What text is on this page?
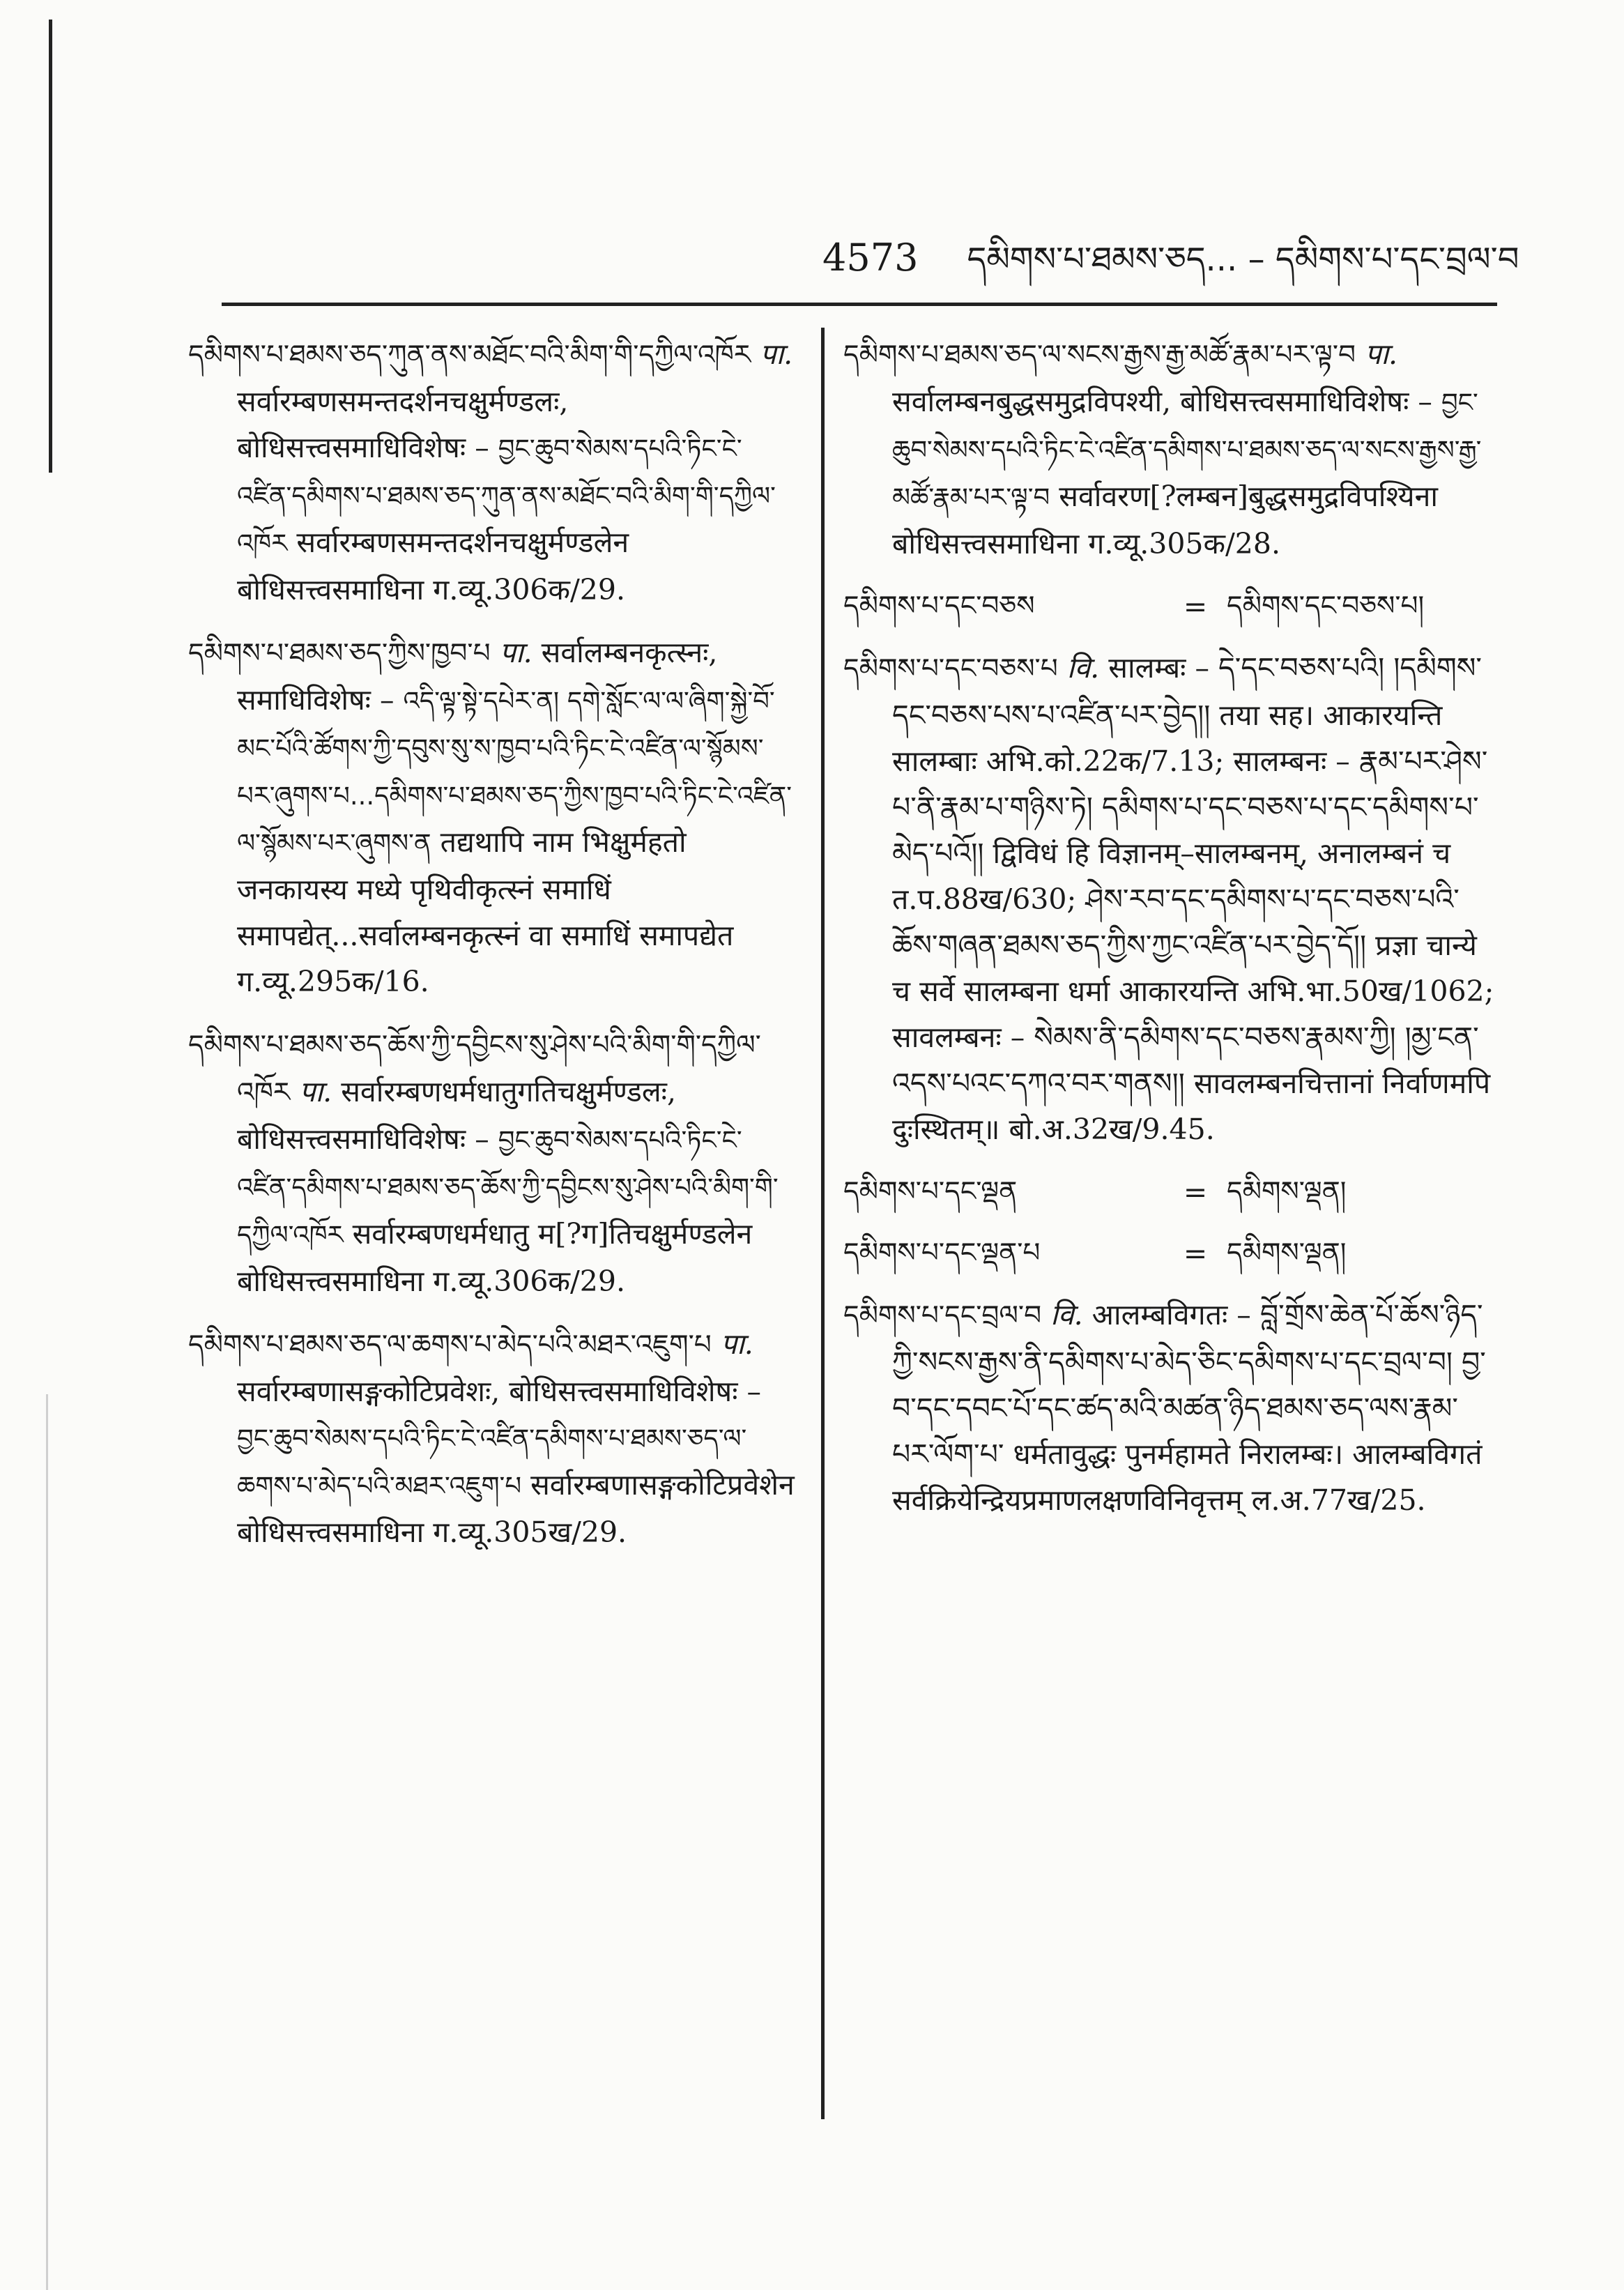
4573 དམིགས་པ་ཐམས་ཅད... – དམིགས་པ་དང་བྲལ་བ

དམིགས་པ་ཐམས་ཅད་ཀུན་ནས་མཐོང་བའི་མིག་གི་དཀྱིལ་འཁོར पा. सर्वारम्बणसमन्तदर्शनचक्षुर्मण्डलः, बोधिसत्त्वसमाधिविशेषः – བྱང་ཆུབ་སེམས་དཔའི་ཏིང་ངེ་འཛིན་དམིགས་པ་ཐམས་ཅད་ཀུན་ནས་མཐོང་བའི་མིག་གི་དཀྱིལ་འཁོར सर्वारम्बणसमन्तदर्शनचक्षुर्मण्डलेन बोधिसत्त्वसमाधिना ग.व्यू.306क/29.

དམིགས་པ་ཐམས་ཅད་ཀྱིས་ཁྱབ་པ पा. सर्वालम्बनकृत्स्नः, समाधिविशेषः – འདི་ལྟ་སྟེ་དཔེར་ན། དགེ་སློང་ལ་ལ་ཞིག་སྐྱེ་བོ་མང་པོའི་ཚོགས་ཀྱི་དབུས་སུ་ས་ཁྱབ་པའི་ཏིང་ངེ་འཛིན་ལ་སྙོམས་པར་ཞུགས་པ...དམིགས་པ་ཐམས་ཅད་ཀྱིས་ཁྱབ་པའི་ཏིང་ངེ་འཛིན་ལ་སྙོམས་པར་ཞུགས་ན तद्यथापि नाम भिक्षुर्महतो जनकायस्य मध्ये पृथिवीकृत्स्नं समाधिं समापद्येत्...सर्वालम्बनकृत्स्नं वा समाधिं समापद्येत ग.व्यू.295क/16.

དམིགས་པ་ཐམས་ཅད་ཆོས་ཀྱི་དབྱིངས་སུ་ཤེས་པའི་མིག་གི་དཀྱིལ་འཁོར पा. सर्वारम्बणधर्मधातुगतिचक्षुर्मण्डलः, बोधिसत्त्वसमाधिविशेषः – བྱང་ཆུབ་སེམས་དཔའི་ཏིང་ངེ་འཛིན་དམིགས་པ་ཐམས་ཅད་ཆོས་ཀྱི་དབྱིངས་སུ་ཤེས་པའི་མིག་གི་དཀྱིལ་འཁོར सर्वारम्बणधर्मधातु म[?ग]तिचक्षुर्मण्डलेन बोधिसत्त्वसमाधिना ग.व्यू.306क/29.

དམིགས་པ་ཐམས་ཅད་ལ་ཆགས་པ་མེད་པའི་མཐར་འཇུག་པ पा. सर्वारम्बणासङ्गकोटिप्रवेशः, बोधिसत्त्वसमाधिविशेषः – བྱང་ཆུབ་སེམས་དཔའི་ཏིང་ངེ་འཛིན་དམིགས་པ་ཐམས་ཅད་ལ་ཆགས་པ་མེད་པའི་མཐར་འཇུག་པ सर्वारम्बणासङ्गकोटिप्रवेशेन बोधिसत्त्वसमाधिना ग.व्यू.305ख/29.

དམིགས་པ་ཐམས་ཅད་ལ་སངས་རྒྱས་རྒྱ་མཚོ་རྣམ་པར་ལྟ་བ पा. सर्वालम्बनबुद्धसमुद्रविपश्यी, बोधिसत्त्वसमाधिविशेषः – བྱང་ཆུབ་སེམས་དཔའི་ཏིང་ངེ་འཛིན་དམིགས་པ་ཐམས་ཅད་ལ་སངས་རྒྱས་རྒྱ་མཚོ་རྣམ་པར་ལྟ་བ सर्वावरण[?लम्बन]बुद्धसमुद्रविपश्यिना बोधिसत्त्वसमाधिना ग.व्यू.305क/28.

དམིགས་པ་དང་བཅས	= དམིགས་དང་བཅས་པ།

དམིགས་པ་དང་བཅས་པ वि. सालम्बः – དེ་དང་བཅས་པའི། །དམིགས་དང་བཅས་པས་པ་འཛིན་པར་བྱེད།། तया सह। आकारयन्ति सालम्बाः अभि.को.22क/7.13; सालम्बनः – རྣམ་པར་ཤེས་པ་ནི་རྣམ་པ་གཉིས་ཏེ། དམིགས་པ་དང་བཅས་པ་དང་དམིགས་པ་མེད་པའོ།། द्विविधं हि विज्ञानम्–सालम्बनम्, अनालम्बनं च त.प.88ख/630; ཤེས་རབ་དང་དམིགས་པ་དང་བཅས་པའི་ཆོས་གཞན་ཐམས་ཅད་ཀྱིས་ཀྱང་འཛིན་པར་བྱེད་དོ།། प्रज्ञा चान्ये च सर्वे सालम्बना धर्मा आकारयन्ति अभि.भा.50ख/1062; सावलम्बनः – སེམས་ནི་དམིགས་དང་བཅས་རྣམས་ཀྱི། །མྱ་ངན་འདས་པའང་དཀའ་བར་གནས།། सावलम्बनचित्तानां निर्वाणमपि दुःस्थितम्॥ बो.अ.32ख/9.45.

དམིགས་པ་དང་ལྡན	= དམིགས་ལྡན།
དམིགས་པ་དང་ལྡན་པ	= དམིགས་ལྡན།

དམིགས་པ་དང་བྲལ་བ वि. आलम्बविगतः – བློ་གྲོས་ཆེན་པོ་ཆོས་ཉིད་ཀྱི་སངས་རྒྱས་ནི་དམིགས་པ་མེད་ཅིང་དམིགས་པ་དང་བྲལ་བ། བྱ་བ་དང་དབང་པོ་དང་ཚད་མའི་མཚན་ཉིད་ཐམས་ཅད་ལས་རྣམ་པར་ལོག་པ་ धर्मतावुद्धः पुनर्महामते निरालम्बः। आलम्बविगतं सर्वक्रियेन्द्रियप्रमाणलक्षणविनिवृत्तम् ल.अ.77ख/25.
